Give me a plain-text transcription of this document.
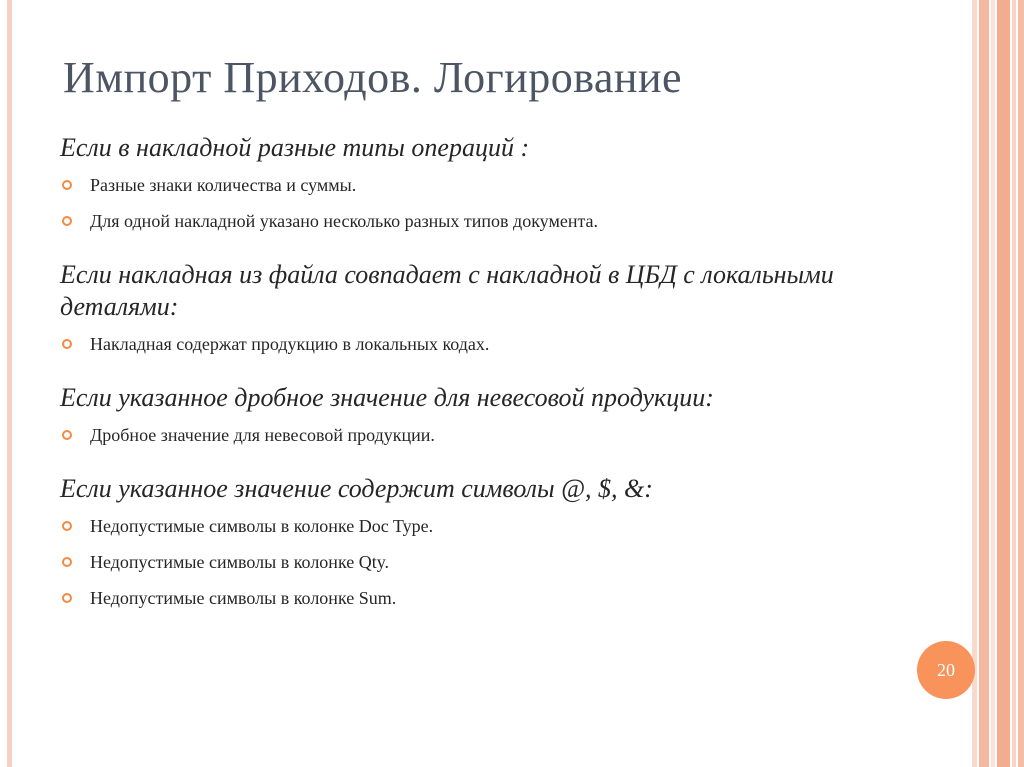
Импорт Приходов. Логирование

Если в накладной разные типы операций :

Разные знаки количества и суммы.
Для одной накладной указано несколько разных типов документа.

Если накладная из файла совпадает с накладной в ЦБД с локальными деталями:

Накладная содержат продукцию в локальных кодах.

Если указанное дробное значение для невесовой продукции:

Дробное значение для невесовой продукции.

Если указанное значение содержит символы @, $, &:

Недопустимые символы в колонке Doc Type.
Недопустимые символы в колонке Qty.
Недопустимые символы в колонке Sum.
20
